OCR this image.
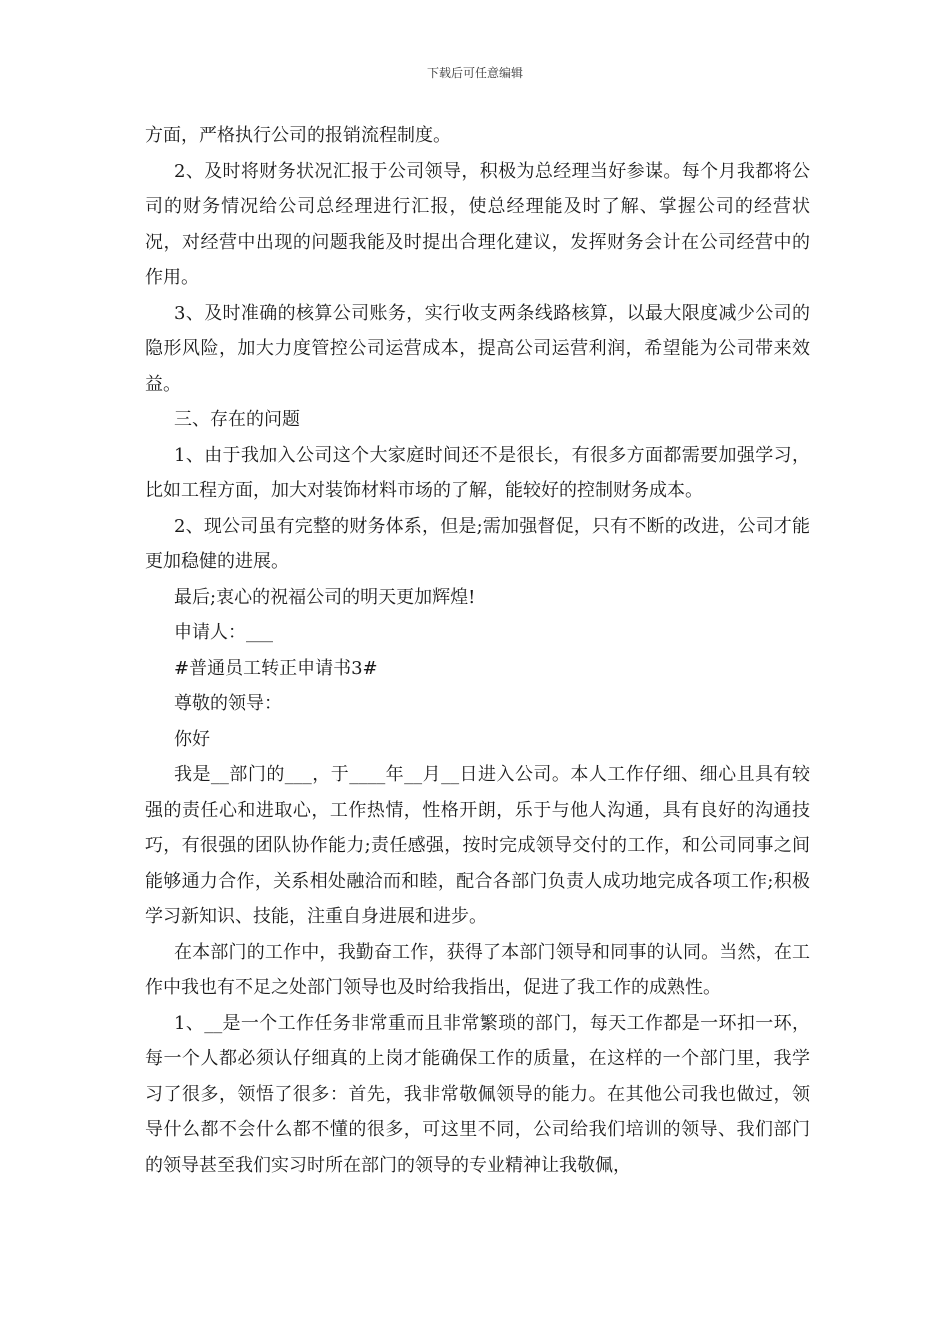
下载后可任意编辑

方面，严格执行公司的报销流程制度。

2、及时将财务状况汇报于公司领导，积极为总经理当好参谋。每个月我都将公司的财务情况给公司总经理进行汇报，使总经理能及时了解、掌握公司的经营状况，对经营中出现的问题我能及时提出合理化建议，发挥财务会计在公司经营中的作用。

3、及时准确的核算公司账务，实行收支两条线路核算，以最大限度减少公司的隐形风险，加大力度管控公司运营成本，提高公司运营利润，希望能为公司带来效益。

三、存在的问题

1、由于我加入公司这个大家庭时间还不是很长，有很多方面都需要加强学习，比如工程方面，加大对装饰材料市场的了解，能较好的控制财务成本。

2、现公司虽有完整的财务体系，但是;需加强督促，只有不断的改进，公司才能更加稳健的进展。

最后;衷心的祝福公司的明天更加辉煌!

申请人：___

#普通员工转正申请书3#

尊敬的领导：

你好

我是__部门的___，于____年__月__日进入公司。本人工作仔细、细心且具有较强的责任心和进取心，工作热情，性格开朗，乐于与他人沟通，具有良好的沟通技巧，有很强的团队协作能力;责任感强，按时完成领导交付的工作，和公司同事之间能够通力合作，关系相处融洽而和睦，配合各部门负责人成功地完成各项工作;积极学习新知识、技能，注重自身进展和进步。

在本部门的工作中，我勤奋工作，获得了本部门领导和同事的认同。当然，在工作中我也有不足之处部门领导也及时给我指出，促进了我工作的成熟性。

1、__是一个工作任务非常重而且非常繁琐的部门，每天工作都是一环扣一环，每一个人都必须认仔细真的上岗才能确保工作的质量，在这样的一个部门里，我学习了很多，领悟了很多：首先，我非常敬佩领导的能力。在其他公司我也做过，领导什么都不会什么都不懂的很多，可这里不同，公司给我们培训的领导、我们部门的领导甚至我们实习时所在部门的领导的专业精神让我敬佩，
